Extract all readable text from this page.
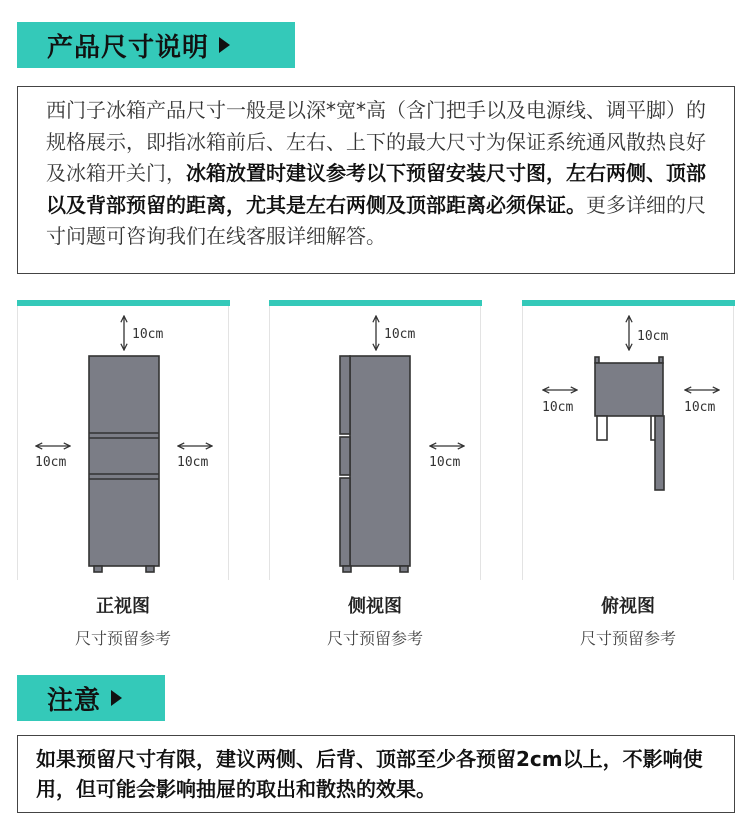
产品尺寸说明

西门子冰箱产品尺寸一般是以深*宽*高（含门把手以及电源线、调平脚）的规格展示，即指冰箱前后、左右、上下的最大尺寸为保证系统通风散热良好及冰箱开关门，冰箱放置时建议参考以下预留安装尺寸图，左右两侧、顶部以及背部预留的距离，尤其是左右两侧及顶部距离必须保证。更多详细的尺寸问题可咨询我们在线客服详细解答。

10cm
10cm	10cm
正视图
尺寸预留参考
10cm
10cm
侧视图
尺寸预留参考
10cm
10cm	10cm
俯视图
尺寸预留参考
注意

如果预留尺寸有限，建议两侧、后背、顶部至少各预留2cm以上，不影响使用，但可能会影响抽屉的取出和散热的效果。
